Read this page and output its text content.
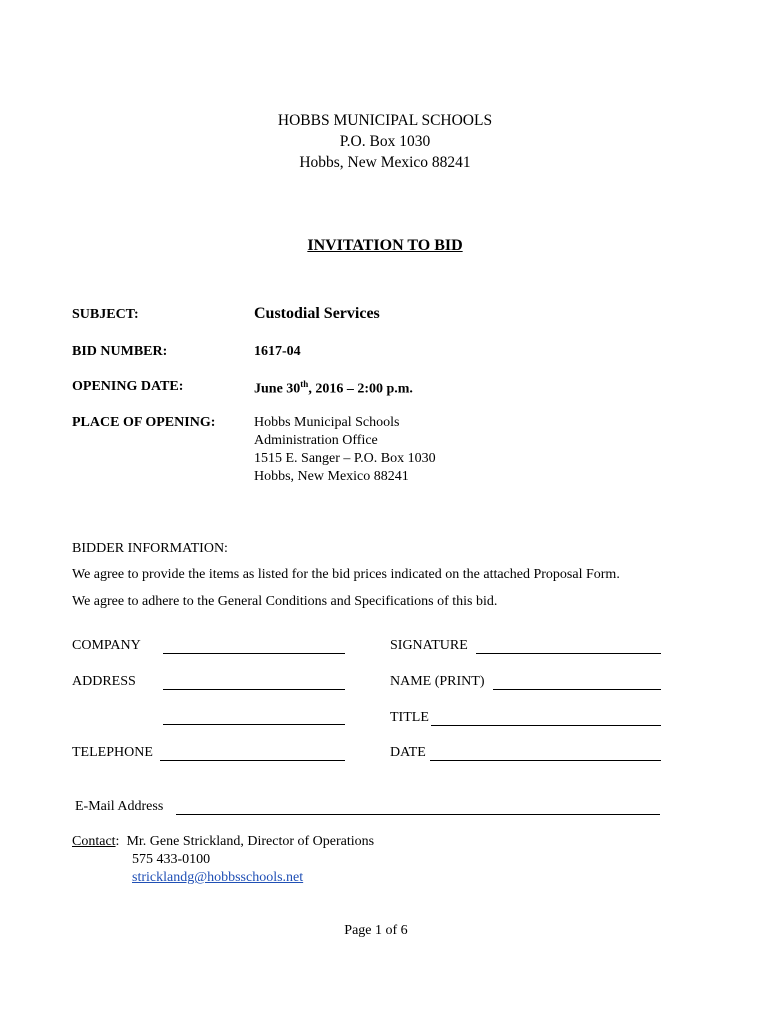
HOBBS MUNICIPAL SCHOOLS
P.O. Box 1030
Hobbs, New Mexico 88241
INVITATION TO BID
SUBJECT:	Custodial Services
BID NUMBER:	1617-04
OPENING DATE:	June 30th, 2016 – 2:00 p.m.
PLACE OF OPENING:	Hobbs Municipal Schools
Administration Office
1515 E. Sanger – P.O. Box 1030
Hobbs, New Mexico 88241
BIDDER INFORMATION:
We agree to provide the items as listed for the bid prices indicated on the attached Proposal Form.
We agree to adhere to the General Conditions and Specifications of this bid.
COMPANY
ADDRESS
TELEPHONE
SIGNATURE
NAME (PRINT)
TITLE
DATE
E-Mail Address
Contact:  Mr. Gene Strickland, Director of Operations
575 433-0100
stricklandg@hobbsschools.net
Page 1 of 6
